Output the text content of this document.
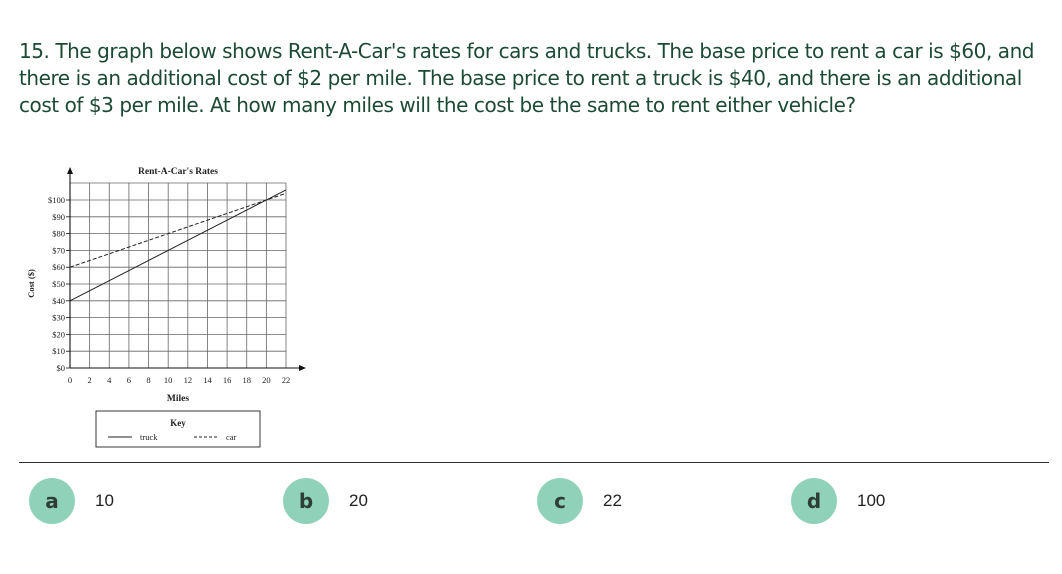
15. The graph below shows Rent-A-Car's rates for cars and trucks. The base price to rent a car is $60, and there is an additional cost of $2 per mile. The base price to rent a truck is $40, and there is an additional cost of $3 per mile. At how many miles will the cost be the same to rent either vehicle?

$0
$10
$20
$30
$40
$50
$60
$70
$80
$90
$100
0 2 4 6 8 10 12 14 16 18 20 22
Rent-A-Car's Rates
Miles
Cost ($)
Key
truck	car
a	10	b	20	c	22	d	100
